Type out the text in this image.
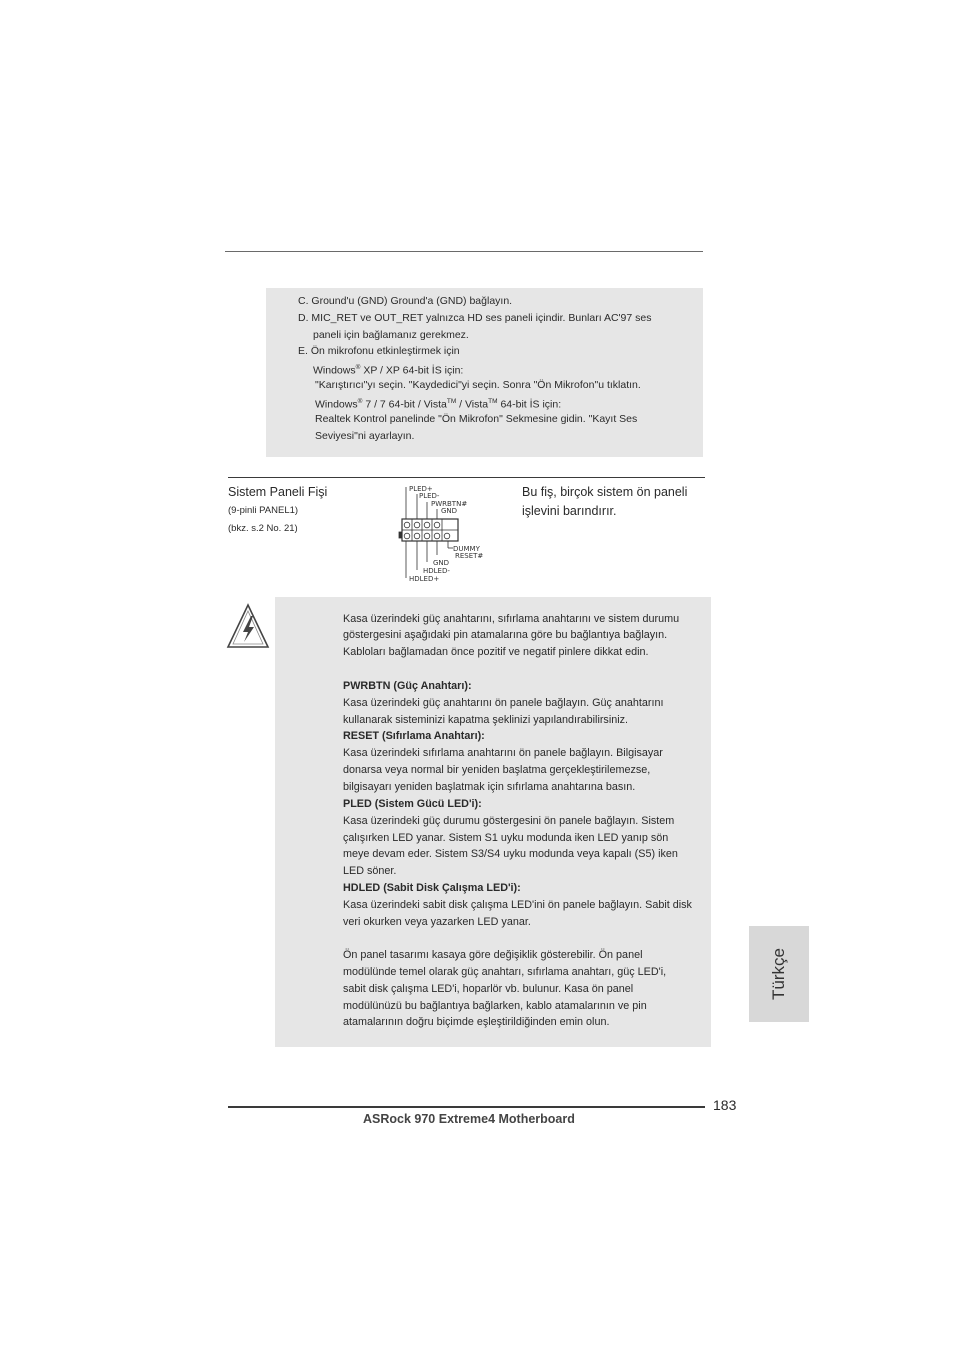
C. Ground'u (GND) Ground'a (GND) bağlayın.
D. MIC_RET ve OUT_RET yalnızca HD ses paneli içindir. Bunları AC'97 ses
paneli için bağlamanız gerekmez.
E. Ön mikrofonu etkinleştirmek için
Windows® XP / XP 64-bit İS için:
"Karıştırıcı"yı seçin. "Kaydedici"yi seçin. Sonra "Ön Mikrofon"u tıklatın.
Windows® 7 / 7 64-bit / Vista™ / Vista™ 64-bit İS için:
Realtek Kontrol panelinde "Ön Mikrofon" Sekmesine gidin. "Kayıt Ses
Seviyesi"ni ayarlayın.
Sistem Paneli Fişi
(9-pinli PANEL1)
(bkz. s.2 No. 21)
Bu fiş, birçok sistem ön paneli
işlevini barındırır.
PLED+
PLED-
PWRBTN#
GND
DUMMY
RESET#
GND
HDLED-
HDLED+
Kasa üzerindeki güç anahtarını, sıfırlama anahtarını ve sistem durumu
göstergesini aşağıdaki pin atamalarına göre bu bağlantıya bağlayın.
Kabloları bağlamadan önce pozitif ve negatif pinlere dikkat edin.
PWRBTN (Güç Anahtarı):
Kasa üzerindeki güç anahtarını ön panele bağlayın. Güç anahtarını
kullanarak sisteminizi kapatma şeklinizi yapılandırabilirsiniz.
RESET (Sıfırlama Anahtarı):
Kasa üzerindeki sıfırlama anahtarını ön panele bağlayın. Bilgisayar
donarsa veya normal bir yeniden başlatma gerçekleştirilemezse,
bilgisayarı yeniden başlatmak için sıfırlama anahtarına basın.
PLED (Sistem Gücü LED'i):
Kasa üzerindeki güç durumu göstergesini ön panele bağlayın. Sistem
çalışırken LED yanar. Sistem S1 uyku modunda iken LED yanıp sön
meye devam eder. Sistem S3/S4 uyku modunda veya kapalı (S5) iken
LED söner.
HDLED (Sabit Disk Çalışma LED'i):
Kasa üzerindeki sabit disk çalışma LED'ini ön panele bağlayın. Sabit disk
veri okurken veya yazarken LED yanar.
Ön panel tasarımı kasaya göre değişiklik gösterebilir. Ön panel
modülünde temel olarak güç anahtarı, sıfırlama anahtarı, güç LED'i,
sabit disk çalışma LED'i, hoparlör vb. bulunur. Kasa ön panel
modülünüzü bu bağlantıya bağlarken, kablo atamalarının ve pin
atamalarının doğru biçimde eşleştirildiğinden emin olun.
Türkçe
183
ASRock 970 Extreme4 Motherboard
